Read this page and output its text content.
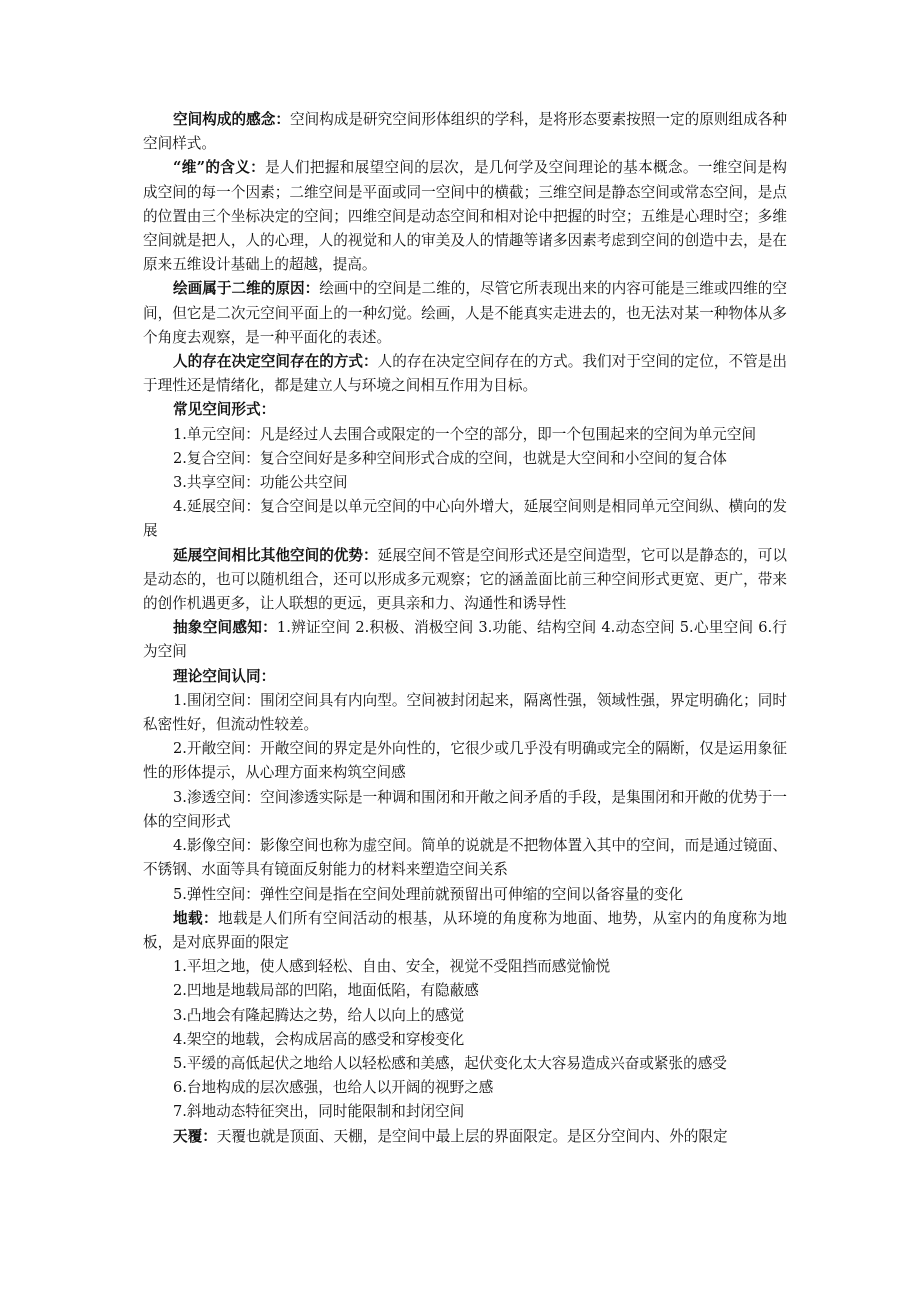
空间构成的感念：空间构成是研究空间形体组织的学科，是将形态要素按照一定的原则组成各种空间样式。

“维”的含义：是人们把握和展望空间的层次，是几何学及空间理论的基本概念。一维空间是构成空间的每一个因素；二维空间是平面或同一空间中的横截；三维空间是静态空间或常态空间，是点的位置由三个坐标决定的空间；四维空间是动态空间和相对论中把握的时空；五维是心理时空；多维空间就是把人，人的心理，人的视觉和人的审美及人的情趣等诸多因素考虑到空间的创造中去，是在原来五维设计基础上的超越，提高。

绘画属于二维的原因：绘画中的空间是二维的，尽管它所表现出来的内容可能是三维或四维的空间，但它是二次元空间平面上的一种幻觉。绘画，人是不能真实走进去的，也无法对某一种物体从多个角度去观察，是一种平面化的表述。

人的存在决定空间存在的方式：人的存在决定空间存在的方式。我们对于空间的定位，不管是出于理性还是情绪化，都是建立人与环境之间相互作用为目标。

常见空间形式：

1.单元空间：凡是经过人去围合或限定的一个空的部分，即一个包围起来的空间为单元空间

2.复合空间：复合空间好是多种空间形式合成的空间，也就是大空间和小空间的复合体

3.共享空间：功能公共空间

4.延展空间：复合空间是以单元空间的中心向外增大，延展空间则是相同单元空间纵、横向的发展

延展空间相比其他空间的优势：延展空间不管是空间形式还是空间造型，它可以是静态的，可以是动态的，也可以随机组合，还可以形成多元观察；它的涵盖面比前三种空间形式更宽、更广，带来的创作机遇更多，让人联想的更远，更具亲和力、沟通性和诱导性

抽象空间感知：1.辨证空间 2.积极、消极空间 3.功能、结构空间 4.动态空间 5.心里空间 6.行为空间

理论空间认同：

1.围闭空间：围闭空间具有内向型。空间被封闭起来，隔离性强，领域性强，界定明确化；同时私密性好，但流动性较差。

2.开敞空间：开敞空间的界定是外向性的，它很少或几乎没有明确或完全的隔断，仅是运用象征性的形体提示，从心理方面来构筑空间感

3.渗透空间：空间渗透实际是一种调和围闭和开敞之间矛盾的手段，是集围闭和开敞的优势于一体的空间形式

4.影像空间：影像空间也称为虚空间。简单的说就是不把物体置入其中的空间，而是通过镜面、不锈钢、水面等具有镜面反射能力的材料来塑造空间关系

5.弹性空间：弹性空间是指在空间处理前就预留出可伸缩的空间以备容量的变化

地载：地载是人们所有空间活动的根基，从环境的角度称为地面、地势，从室内的角度称为地板，是对底界面的限定

1.平坦之地，使人感到轻松、自由、安全，视觉不受阻挡而感觉愉悦

2.凹地是地载局部的凹陷，地面低陷，有隐蔽感

3.凸地会有隆起腾达之势，给人以向上的感觉

4.架空的地载，会构成居高的感受和穿梭变化

5.平缓的高低起伏之地给人以轻松感和美感，起伏变化太大容易造成兴奋或紧张的感受

6.台地构成的层次感强，也给人以开阔的视野之感

7.斜地动态特征突出，同时能限制和封闭空间

天覆：天覆也就是顶面、天棚，是空间中最上层的界面限定。是区分空间内、外的限定
